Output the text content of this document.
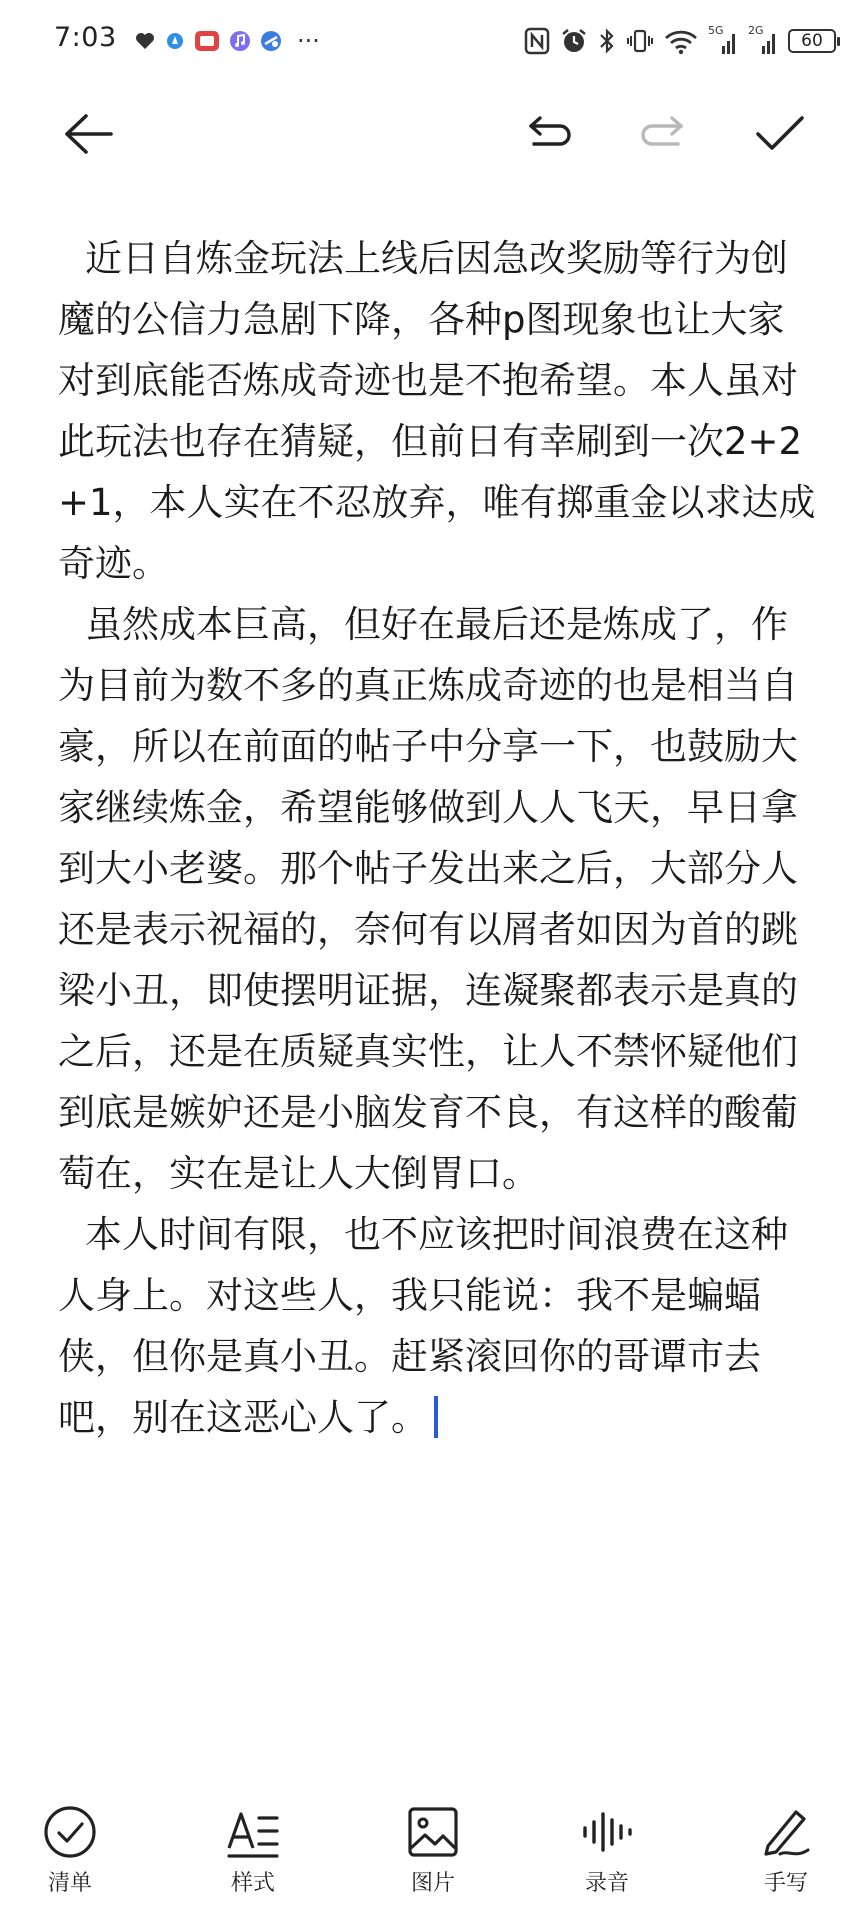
7:03	···	5G 2G
60

近日自炼金玩法上线后因急改奖励等行为创魔的公信力急剧下降，各种p图现象也让大家对到底能否炼成奇迹也是不抱希望。本人虽对此玩法也存在猜疑，但前日有幸刷到一次2+2+1，本人实在不忍放弃，唯有掷重金以求达成奇迹。

虽然成本巨高，但好在最后还是炼成了，作为目前为数不多的真正炼成奇迹的也是相当自豪，所以在前面的帖子中分享一下，也鼓励大家继续炼金，希望能够做到人人飞天，早日拿到大小老婆。那个帖子发出来之后，大部分人还是表示祝福的，奈何有以屑者如因为首的跳梁小丑，即使摆明证据，连凝聚都表示是真的之后，还是在质疑真实性，让人不禁怀疑他们到底是嫉妒还是小脑发育不良，有这样的酸葡萄在，实在是让人大倒胃口。

本人时间有限，也不应该把时间浪费在这种人身上。对这些人，我只能说：我不是蝙蝠侠，但你是真小丑。赶紧滚回你的哥谭市去吧，别在这恶心人了。

清单	样式	图片	录音	手写
